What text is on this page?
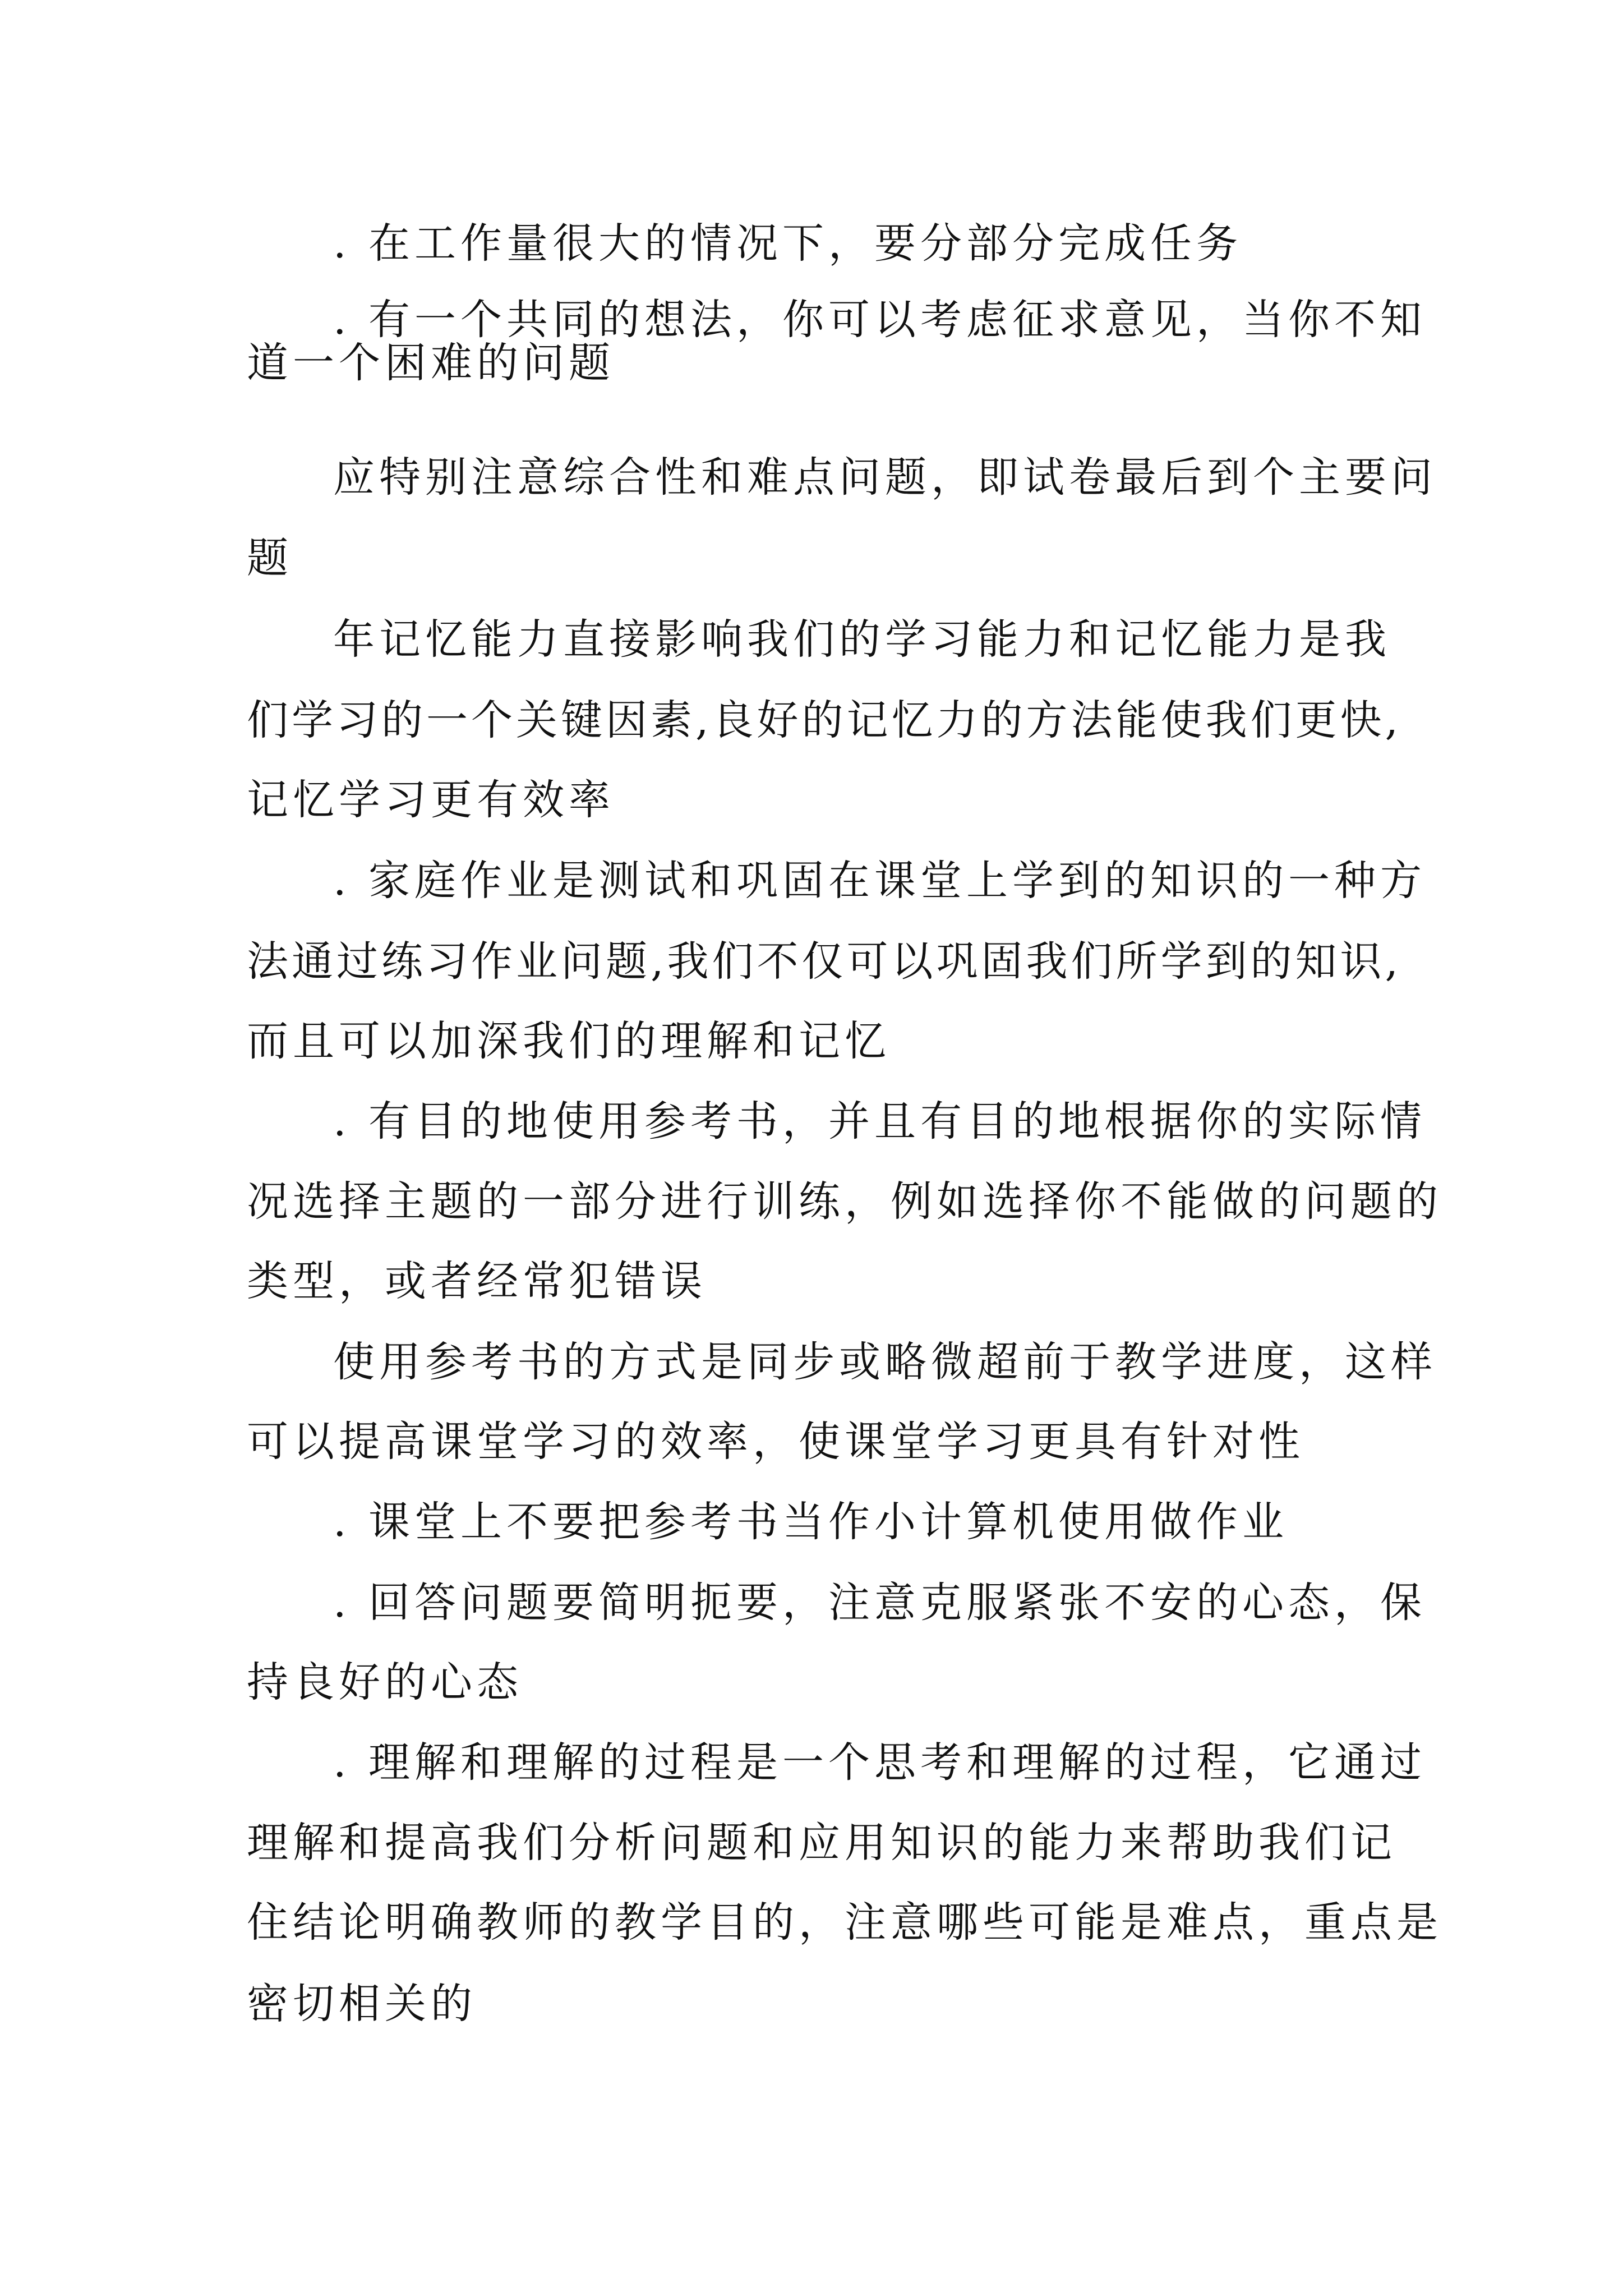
. 在工作量很大的情况下，要分部分完成任务
. 有一个共同的想法，你可以考虑征求意见，当你不知
道一个困难的问题
应特别注意综合性和难点问题，即试卷最后到个主要问
题
年记忆能力直接影响我们的学习能力和记忆能力是我
们学习的一个关键因素,良好的记忆力的方法能使我们更快,
记忆学习更有效率
. 家庭作业是测试和巩固在课堂上学到的知识的一种方
法通过练习作业问题,我们不仅可以巩固我们所学到的知识,
而且可以加深我们的理解和记忆
. 有目的地使用参考书，并且有目的地根据你的实际情
况选择主题的一部分进行训练，例如选择你不能做的问题的
类型，或者经常犯错误
使用参考书的方式是同步或略微超前于教学进度，这样
可以提高课堂学习的效率，使课堂学习更具有针对性
. 课堂上不要把参考书当作小计算机使用做作业
. 回答问题要简明扼要，注意克服紧张不安的心态，保
持良好的心态
. 理解和理解的过程是一个思考和理解的过程，它通过
理解和提高我们分析问题和应用知识的能力来帮助我们记
住结论明确教师的教学目的，注意哪些可能是难点，重点是
密切相关的
